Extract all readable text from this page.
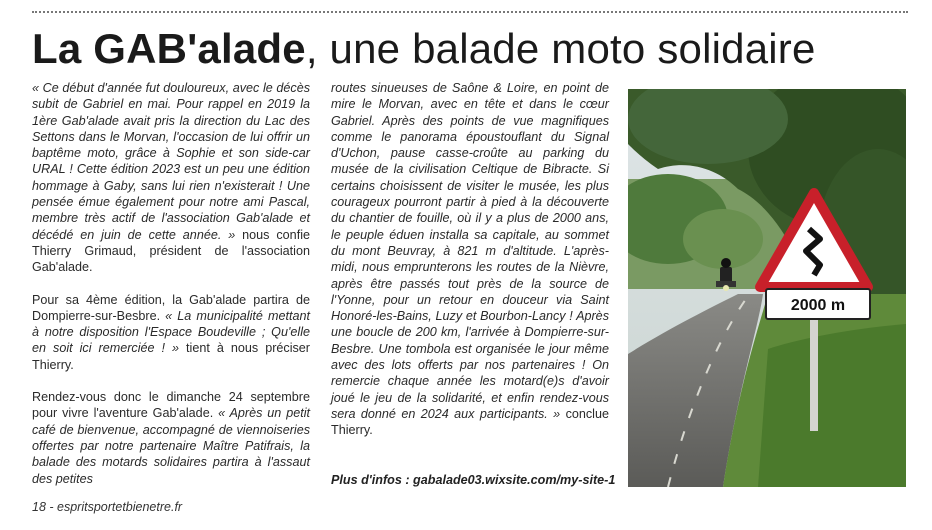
La GAB'alade, une balade moto solidaire

« Ce début d'année fut douloureux, avec le décès subit de Gabriel en mai. Pour rappel en 2019 la 1ère Gab'alade avait pris la direction du Lac des Settons dans le Morvan, l'occasion de lui offrir un baptême moto, grâce à Sophie et son side-car URAL ! Cette édition 2023 est un peu une édition hommage à Gaby, sans lui rien n'existerait ! Une pensée émue également pour notre ami Pascal, membre très actif de l'association Gab'alade et décédé en juin de cette année. » nous confie Thierry Grimaud, président de l'association Gab'alade.

Pour sa 4ème édition, la Gab'alade partira de Dompierre-sur-Besbre. « La municipalité mettant à notre disposition l'Espace Boudeville ; Qu'elle en soit ici remerciée ! » tient à nous préciser Thierry.

Rendez-vous donc le dimanche 24 septembre pour vivre l'aventure Gab'alade. « Après un petit café de bienvenue, accompagné de viennoiseries offertes par notre partenaire Maître Patifrais, la balade des motards solidaires partira à l'assaut des petites

routes sinueuses de Saône & Loire, en point de mire le Morvan, avec en tête et dans le cœur Gabriel. Après des points de vue magnifiques comme le panorama époustouflant du Signal d'Uchon, pause casse-croûte au parking du musée de la civilisation Celtique de Bibracte. Si certains choisissent de visiter le musée, les plus courageux pourront partir à pied à la découverte du chantier de fouille, où il y a plus de 2000 ans, le peuple éduen installa sa capitale, au sommet du mont Beuvray, à 821 m d'altitude. L'après-midi, nous emprunterons les routes de la Nièvre, après être passés tout près de la source de l'Yonne, pour un retour en douceur via Saint Honoré-les-Bains, Luzy et Bourbon-Lancy ! Après une boucle de 200 km, l'arrivée à Dompierre-sur-Besbre. Une tombola est organisée le jour même avec des lots offerts par nos partenaires ! On remercie chaque année les motard(e)s d'avoir joué le jeu de la solidarité, et enfin rendez-vous sera donné en 2024 aux participants. » conclue Thierry.

Plus d'infos : gabalade03.wixsite.com/my-site-1
18 - espritsportetbienetre.fr
2000 m
